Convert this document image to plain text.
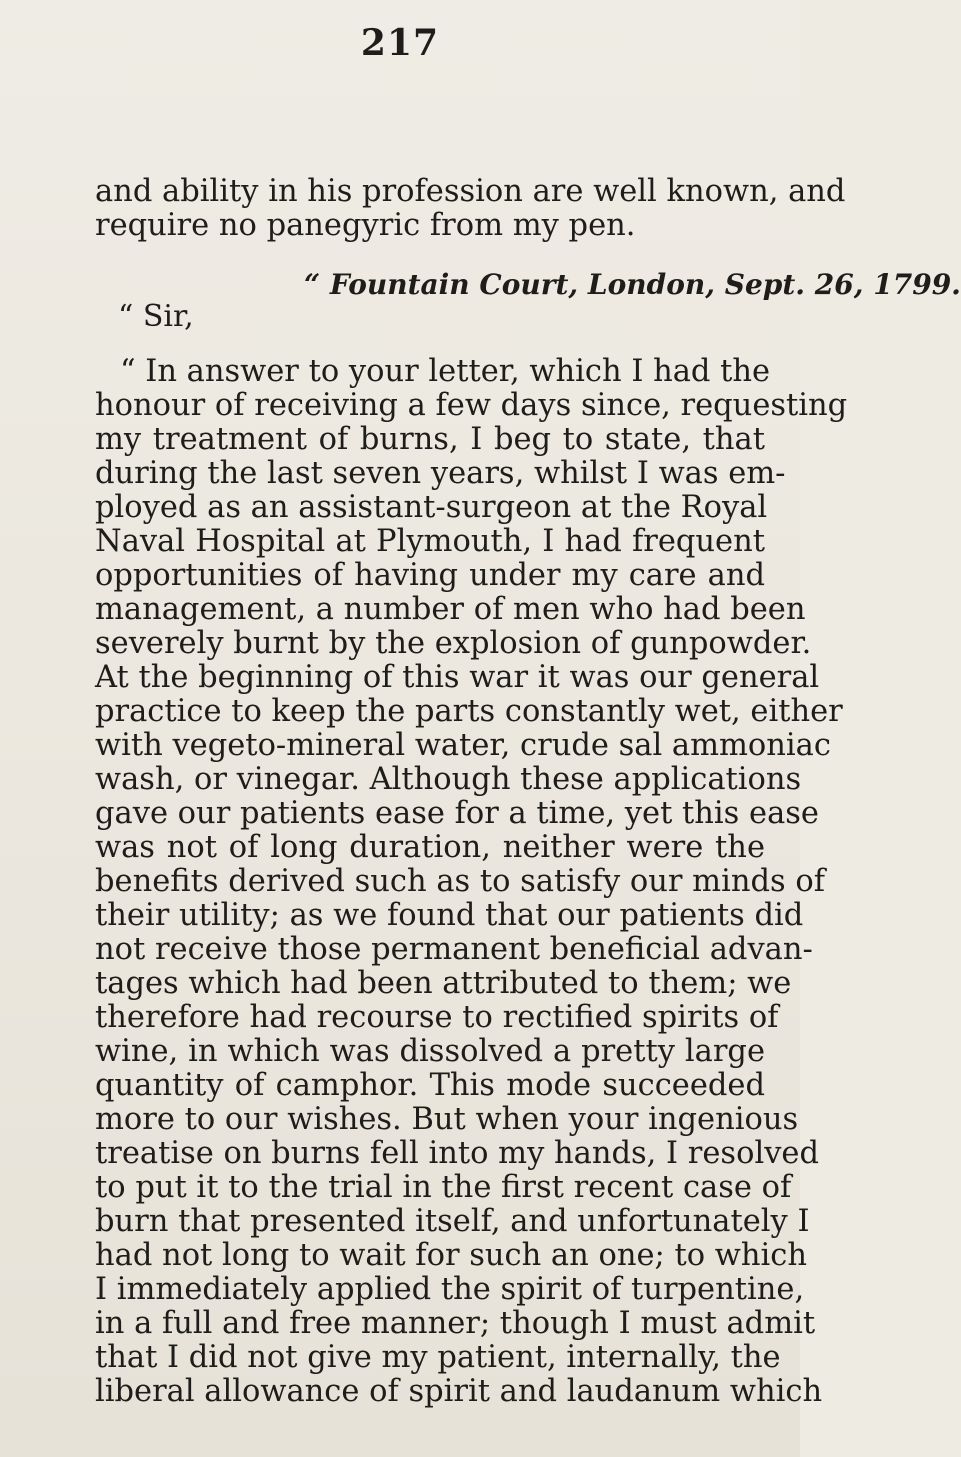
217
and ability in his profession are well known, and
require no panegyric from my pen.
“ Fountain Court, London, Sept. 26, 1799.
“ Sir,
“ In answer to your letter, which I had the
honour of receiving a few days since, requesting
my treatment of burns, I beg to state, that
during the last seven years, whilst I was em-
ployed as an assistant-surgeon at the Royal
Naval Hospital at Plymouth, I had frequent
opportunities of having under my care and
management, a number of men who had been
severely burnt by the explosion of gunpowder.
At the beginning of this war it was our general
practice to keep the parts constantly wet, either
with vegeto-mineral water, crude sal ammoniac
wash, or vinegar. Although these applications
gave our patients ease for a time, yet this ease
was not of long duration, neither were the
benefits derived such as to satisfy our minds of
their utility; as we found that our patients did
not receive those permanent beneficial advan-
tages which had been attributed to them; we
therefore had recourse to rectified spirits of
wine, in which was dissolved a pretty large
quantity of camphor. This mode succeeded
more to our wishes. But when your ingenious
treatise on burns fell into my hands, I resolved
to put it to the trial in the first recent case of
burn that presented itself, and unfortunately I
had not long to wait for such an one; to which
I immediately applied the spirit of turpentine,
in a full and free manner; though I must admit
that I did not give my patient, internally, the
liberal allowance of spirit and laudanum which
